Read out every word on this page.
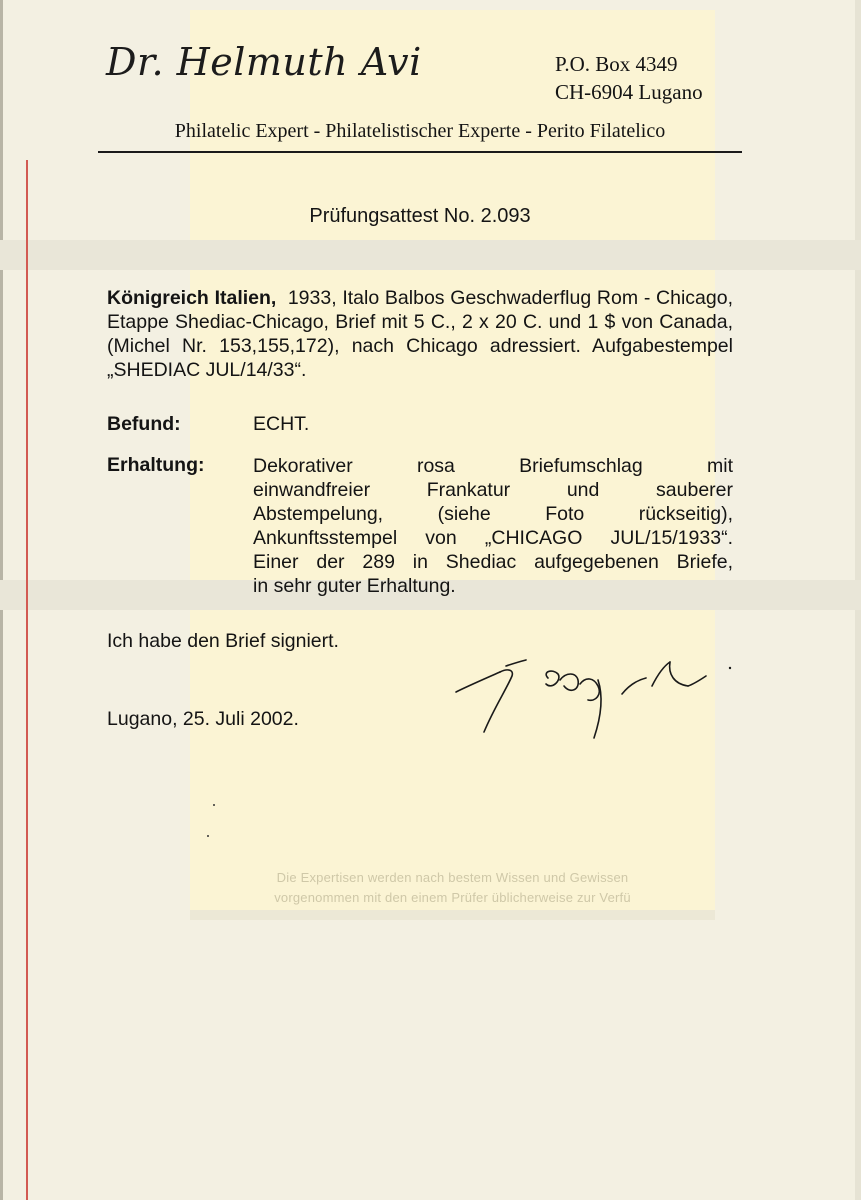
Die Expertisen werden nach bestem Wissen und Gewissen
vorgenommen mit den einem Prüfer üblicherweise zur Verfü
Dr. Helmuth Avi	P.O. Box 4349
CH-6904 Lugano
Philatelic Expert - Philatelistischer Experte - Perito Filatelico
Prüfungsattest No. 2.093
Königreich Italien, 1933, Italo Balbos Geschwaderflug Rom - Chicago, Etappe Shediac-Chicago, Brief mit 5 C., 2 x 20 C. und 1 $ von Canada, (Michel Nr. 153,155,172), nach Chicago adressiert. Aufgabestempel „SHEDIAC JUL/14/33“.
Befund:	ECHT.
Erhaltung: Dekorativer rosa Briefumschlag mit
einwandfreier Frankatur und sauberer
Abstempelung, (siehe Foto rückseitig),
Ankunftsstempel von „CHICAGO JUL/15/1933“.
Einer der 289 in Shediac aufgegebenen Briefe,
in sehr guter Erhaltung.
Ich habe den Brief signiert.
Lugano, 25. Juli 2002.
